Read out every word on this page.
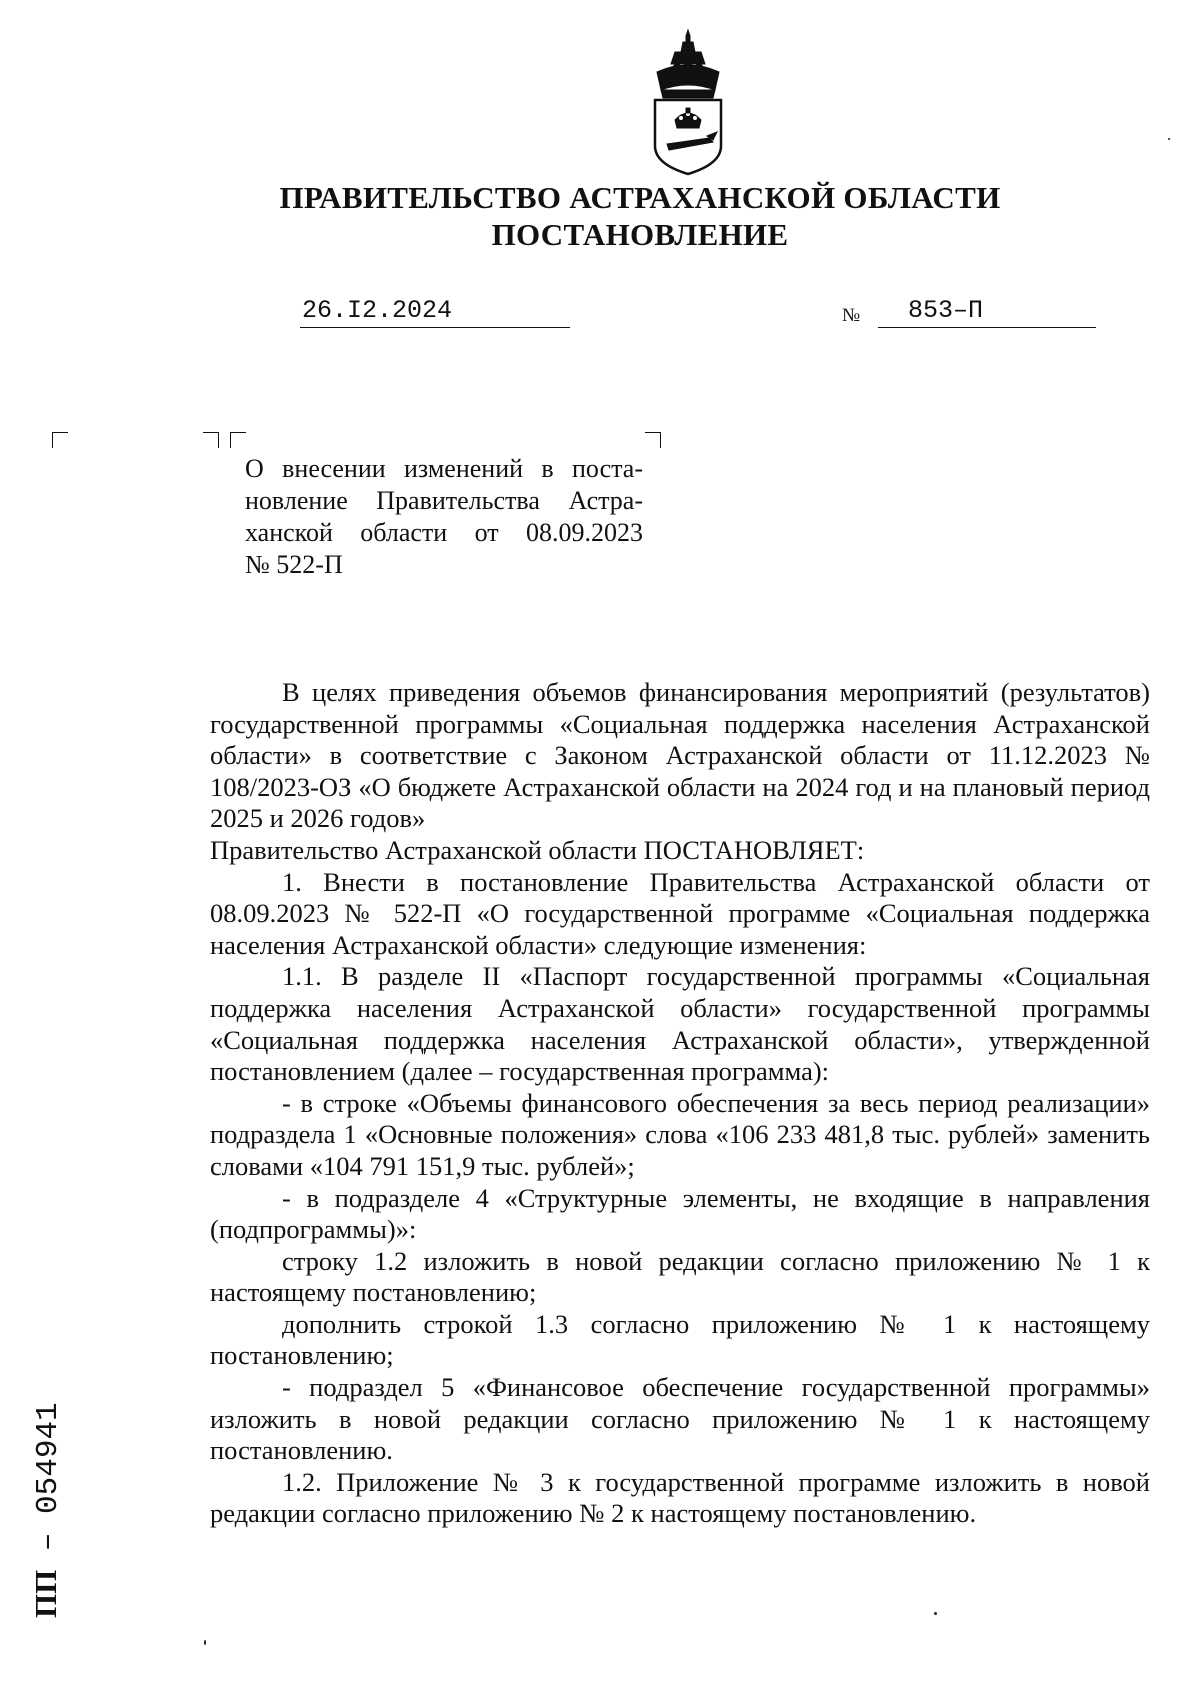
ПРАВИТЕЛЬСТВО АСТРАХАНСКОЙ ОБЛАСТИ
ПОСТАНОВЛЕНИЕ
26.I2.2024	№ 853–П
О внесении изменений в поста-
новление Правительства Астра-
ханской области от 08.09.2023
№ 522-П

В целях приведения объемов финансирования мероприятий (результатов) государственной программы «Социальная поддержка населения Астраханской области» в соответствие с Законом Астраханской области от 11.12.2023 № 108/2023-ОЗ «О бюджете Астраханской области на 2024 год и на плановый период 2025 и 2026 годов»

Правительство Астраханской области ПОСТАНОВЛЯЕТ:

1. Внести в постановление Правительства Астраханской области от 08.09.2023 № 522-П «О государственной программе «Социальная поддержка населения Астраханской области» следующие изменения:

1.1. В разделе II «Паспорт государственной программы «Социальная поддержка населения Астраханской области» государственной программы «Социальная поддержка населения Астраханской области», утвержденной постановлением (далее – государственная программа):

- в строке «Объемы финансового обеспечения за весь период реализации» подраздела 1 «Основные положения» слова «106 233 481,8 тыс. рублей» заменить словами «104 791 151,9 тыс. рублей»;

- в подразделе 4 «Структурные элементы, не входящие в направления (подпрограммы)»:

строку 1.2 изложить в новой редакции согласно приложению № 1 к настоящему постановлению;

дополнить строкой 1.3 согласно приложению № 1 к настоящему постановлению;

- подраздел 5 «Финансовое обеспечение государственной программы» изложить в новой редакции согласно приложению № 1 к настоящему постановлению.

1.2. Приложение № 3 к государственной программе изложить в новой редакции согласно приложению № 2 к настоящему постановлению.

ПП – 054941
